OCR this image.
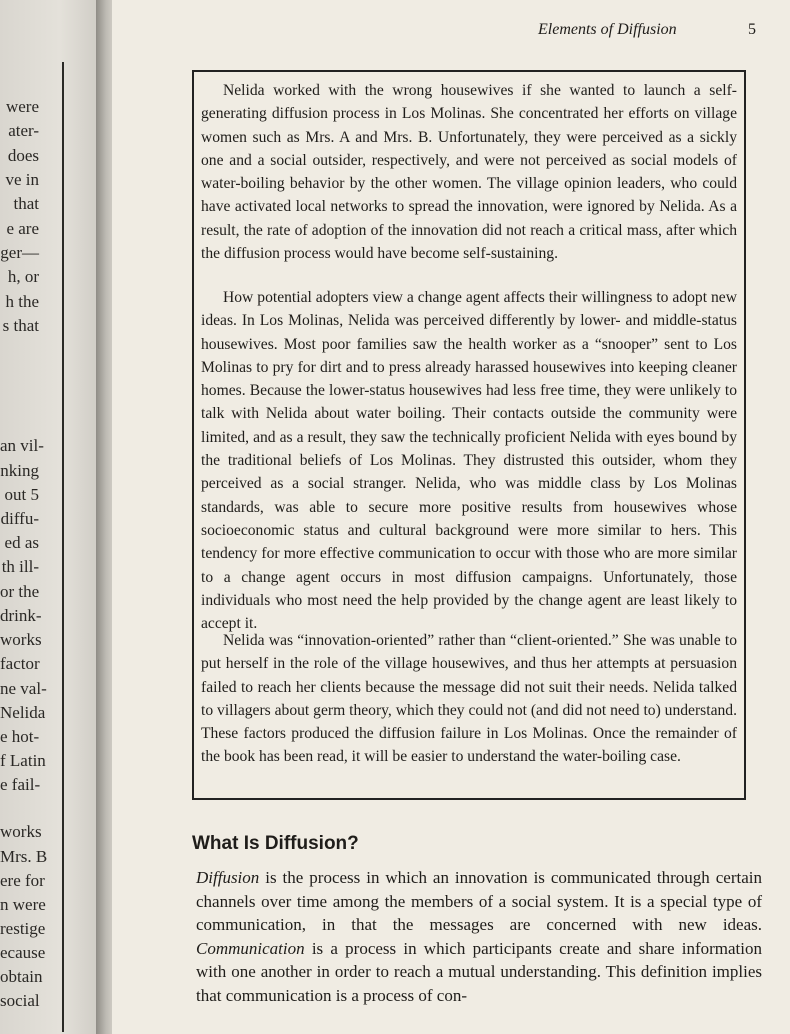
were
ater-
does
ve in
that
e are
ger—
h, or
h the
s that
an vil-
nking
out 5
diffu-
ed as
th ill-
or the
drink-
works
factor
ne val-
Nelida
e hot-
f Latin
e fail-
works
Mrs. B
ere for
n were
restige
ecause
obtain
social
Elements of Diffusion	5

Nelida worked with the wrong housewives if she wanted to launch a self-generating diffusion process in Los Molinas. She concentrated her efforts on village women such as Mrs. A and Mrs. B. Unfortunately, they were perceived as a sickly one and a social outsider, respectively, and were not perceived as social models of water-boiling behavior by the other women. The village opinion leaders, who could have activated local networks to spread the innovation, were ignored by Nelida. As a result, the rate of adoption of the innovation did not reach a critical mass, after which the diffusion process would have become self-sustaining.

How potential adopters view a change agent affects their willingness to adopt new ideas. In Los Molinas, Nelida was perceived differently by lower- and middle-status housewives. Most poor families saw the health worker as a “snooper” sent to Los Molinas to pry for dirt and to press already harassed housewives into keeping cleaner homes. Because the lower-status housewives had less free time, they were unlikely to talk with Nelida about water boiling. Their contacts outside the community were limited, and as a result, they saw the technically proficient Nelida with eyes bound by the traditional beliefs of Los Molinas. They distrusted this outsider, whom they perceived as a social stranger. Nelida, who was middle class by Los Molinas standards, was able to secure more positive results from housewives whose socioeconomic status and cultural background were more similar to hers. This tendency for more effective communication to occur with those who are more similar to a change agent occurs in most diffusion campaigns. Unfortunately, those individuals who most need the help provided by the change agent are least likely to accept it.

Nelida was “innovation-oriented” rather than “client-oriented.” She was unable to put herself in the role of the village housewives, and thus her attempts at persuasion failed to reach her clients because the message did not suit their needs. Nelida talked to villagers about germ theory, which they could not (and did not need to) understand. These factors produced the diffusion failure in Los Molinas. Once the remainder of the book has been read, it will be easier to understand the water-boiling case.

What Is Diffusion?

Diffusion is the process in which an innovation is communicated through certain channels over time among the members of a social system. It is a special type of communication, in that the messages are concerned with new ideas. Communication is a process in which participants create and share information with one another in order to reach a mutual understanding. This definition implies that communication is a process of con-
